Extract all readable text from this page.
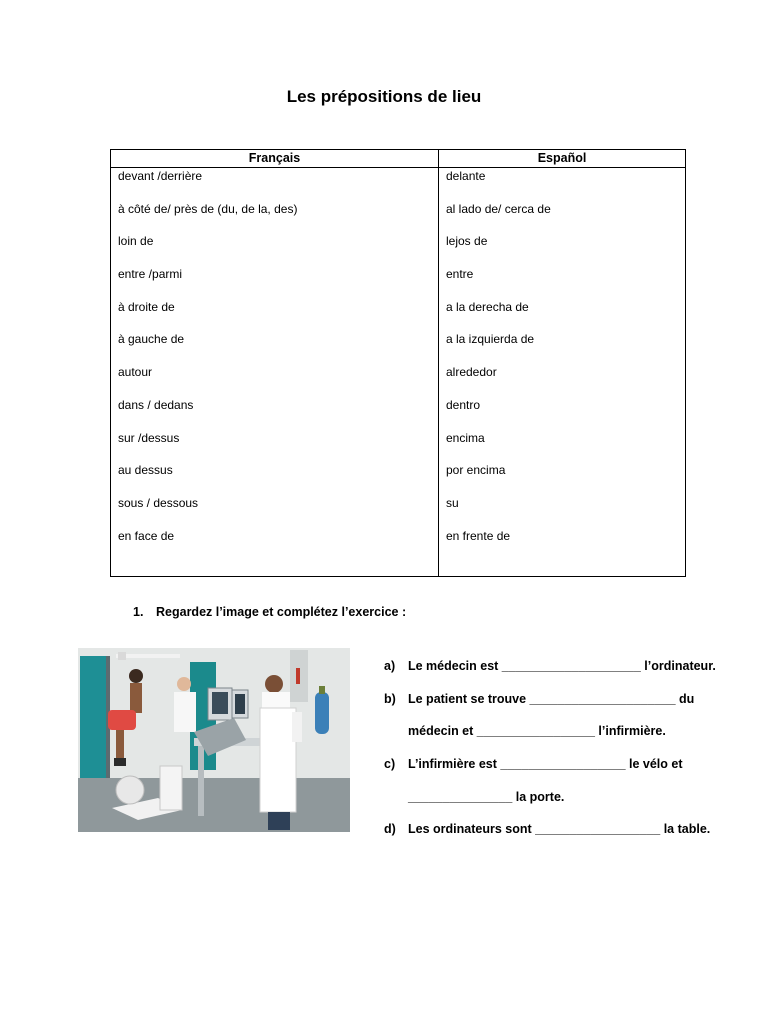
Les prépositions de lieu
Français	Español
devant /derrière	delante
à côté de/ près de (du, de la, des)	al lado de/ cerca de
loin de	lejos de
entre /parmi	entre
à droite de	a la derecha de
à gauche de	a la izquierda de
autour	alrededor
dans / dedans	dentro
sur /dessus	encima
au dessus	por encima
sous / dessous	su
en face de	en frente de
1. Regardez l’image et complétez l’exercice :
a) Le médecin est ____________________ l’ordinateur.
b) Le patient se trouve _____________________ du
médecin et _________________ l’infirmière.
c) L’infirmière est __________________ le vélo et
_______________ la porte.
d) Les ordinateurs sont __________________ la table.
